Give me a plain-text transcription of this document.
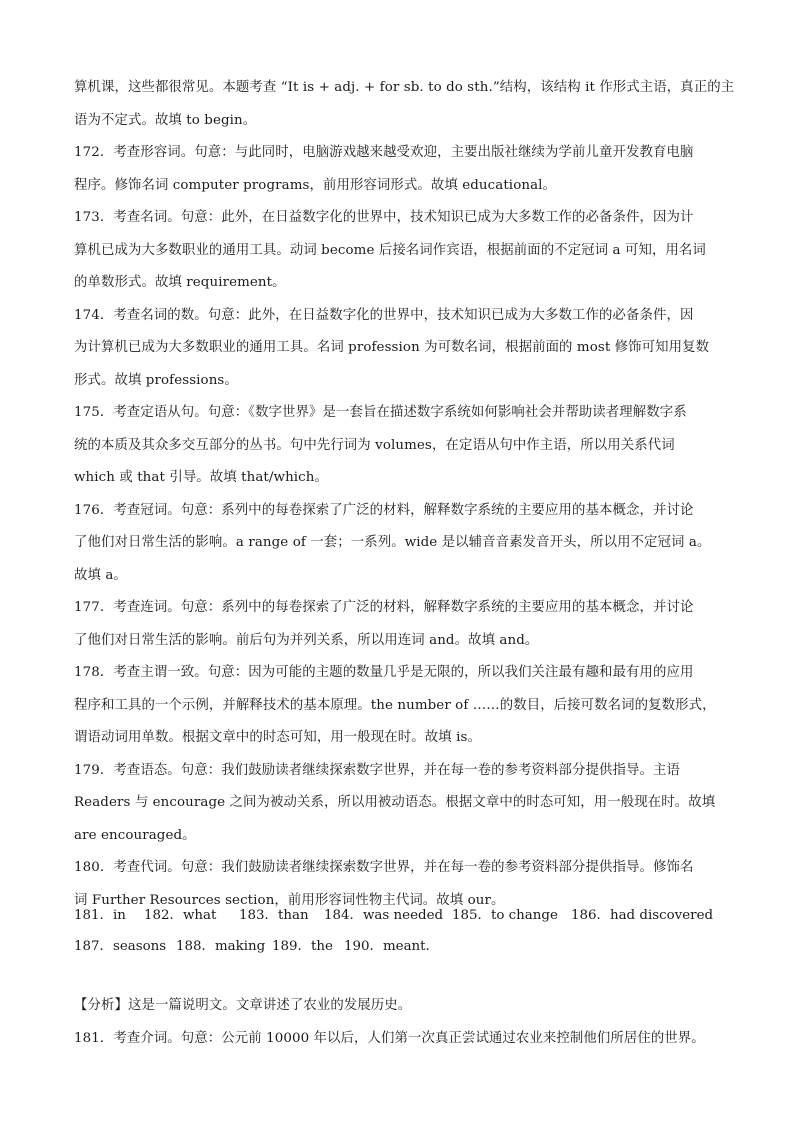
算机课，这些都很常见。本题考查 “It is + adj. + for sb. to do sth.”结构，该结构 it 作形式主语，真正的主

语为不定式。故填 to begin。

172．考查形容词。句意：与此同时，电脑游戏越来越受欢迎，主要出版社继续为学前儿童开发教育电脑

程序。修饰名词 computer programs，前用形容词形式。故填 educational。

173．考查名词。句意：此外，在日益数字化的世界中，技术知识已成为大多数工作的必备条件，因为计

算机已成为大多数职业的通用工具。动词 become 后接名词作宾语，根据前面的不定冠词 a 可知，用名词

的单数形式。故填 requirement。

174．考查名词的数。句意：此外，在日益数字化的世界中，技术知识已成为大多数工作的必备条件，因

为计算机已成为大多数职业的通用工具。名词 profession 为可数名词，根据前面的 most 修饰可知用复数

形式。故填 professions。

175．考查定语从句。句意：《数字世界》是一套旨在描述数字系统如何影响社会并帮助读者理解数字系

统的本质及其众多交互部分的丛书。句中先行词为 volumes，在定语从句中作主语，所以用关系代词

which 或 that 引导。故填 that/which。

176．考查冠词。句意：系列中的每卷探索了广泛的材料，解释数字系统的主要应用的基本概念，并讨论

了他们对日常生活的影响。a range of 一套；一系列。wide 是以辅音音素发音开头，所以用不定冠词 a。

故填 a。

177．考查连词。句意：系列中的每卷探索了广泛的材料，解释数字系统的主要应用的基本概念，并讨论

了他们对日常生活的影响。前后句为并列关系，所以用连词 and。故填 and。

178．考查主谓一致。句意：因为可能的主题的数量几乎是无限的，所以我们关注最有趣和最有用的应用

程序和工具的一个示例，并解释技术的基本原理。the number of ……的数目，后接可数名词的复数形式，

谓语动词用单数。根据文章中的时态可知，用一般现在时。故填 is。

179．考查语态。句意：我们鼓励读者继续探索数字世界，并在每一卷的参考资料部分提供指导。主语

Readers 与 encourage 之间为被动关系，所以用被动语态。根据文章中的时态可知，用一般现在时。故填

are encouraged。

180．考查代词。句意：我们鼓励读者继续探索数字世界，并在每一卷的参考资料部分提供指导。修饰名

词 Further Resources section，前用形容词性物主代词。故填 our。

181．in	182．what	183．than	184．was needed 185．to change 186．had discovered
187．seasons 188．making 189．the 190．meant.

【分析】这是一篇说明文。文章讲述了农业的发展历史。

181．考查介词。句意：公元前 10000 年以后，人们第一次真正尝试通过农业来控制他们所居住的世界。
